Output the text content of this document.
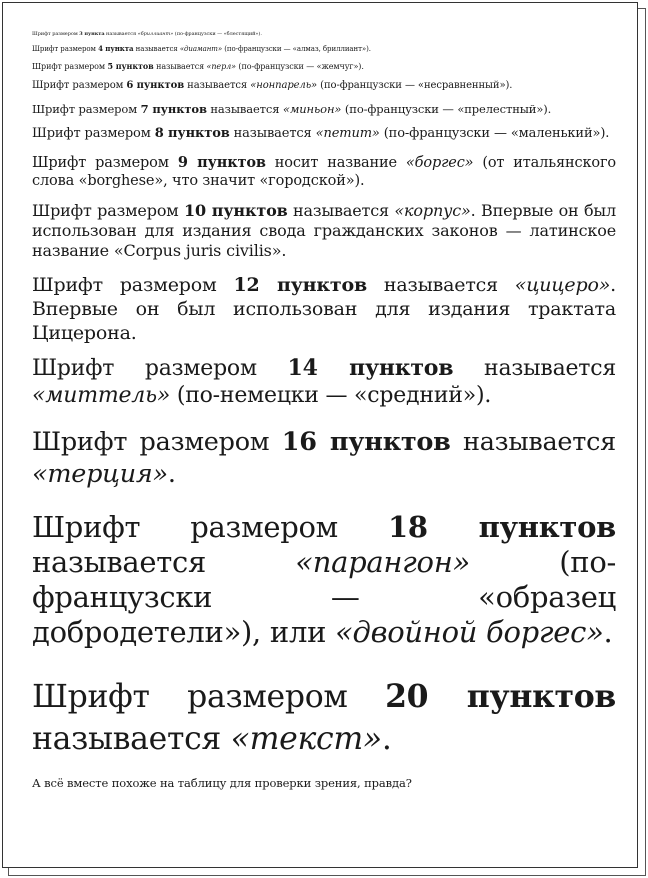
Шрифт размером 3 пункта называется «бриллиант» (по-французски — «блестящий»).

Шрифт размером 4 пункта называется «диамант» (по-французски — «алмаз, бриллиант»).

Шрифт размером 5 пунктов называется «перл» (по-французски — «жемчуг»).

Шрифт размером 6 пунктов называется «нонпарель» (по-французски — «несравненный»).

Шрифт размером 7 пунктов называется «миньон» (по-французски — «прелестный»).

Шрифт размером 8 пунктов называется «петит» (по-французски — «маленький»).

Шрифт размером 9 пунктов носит название «боргес» (от итальянского слова «borghese», что значит «городской»).

Шрифт размером 10 пунктов называется «корпус». Впервые он был использован для издания свода гражданских законов — латинское название «Corpus juris civilis».

Шрифт размером 12 пунктов называется «цицеро». Впервые он был использован для издания трактата Цицерона.

Шрифт размером 14 пунктов называется «миттель» (по-немецки — «средний»).

Шрифт размером 16 пунктов называется «терция».

Шрифт размером 18 пунктов называется «парангон» (по-французски — «образец добродетели»), или «двойной боргес».

Шрифт размером 20 пунктов называется «текст».

А всё вместе похоже на таблицу для проверки зрения, правда?
